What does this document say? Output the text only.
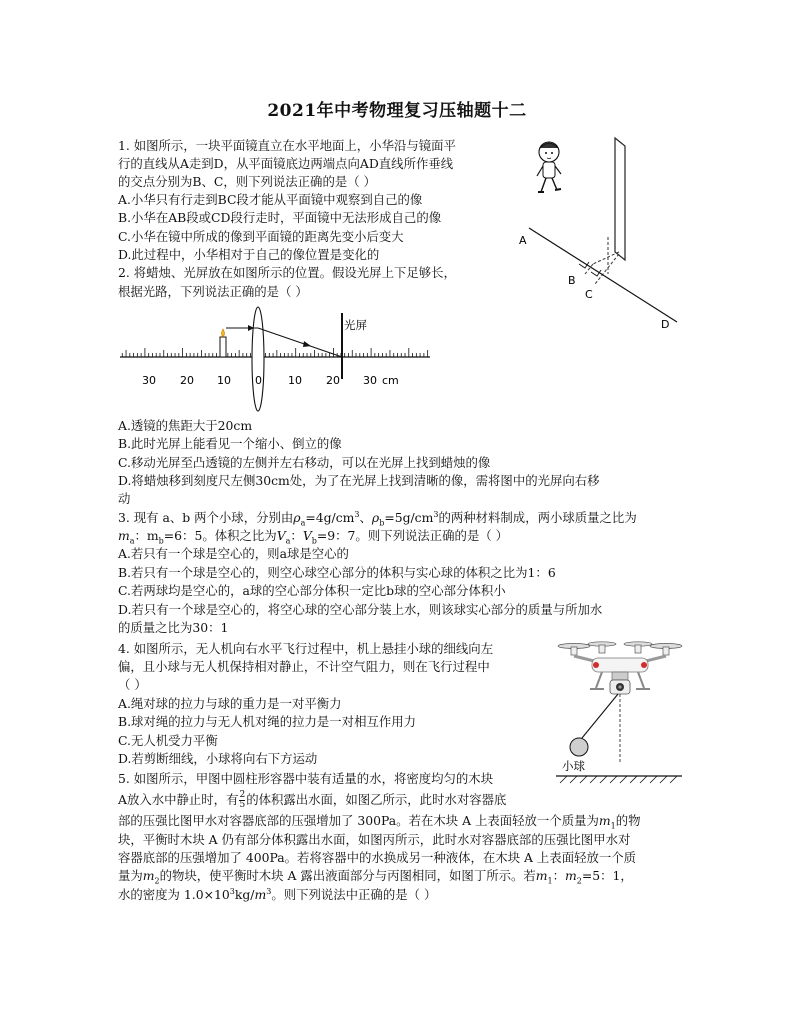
2021年中考物理复习压轴题十二
1. 如图所示，一块平面镜直立在水平地面上，小华沿与镜面平
行的直线从A走到D，从平面镜底边两端点向AD直线所作垂线
的交点分别为B、C，则下列说法正确的是（ ）
A.小华只有行走到BC段才能从平面镜中观察到自己的像
B.小华在AB段或CD段行走时，平面镜中无法形成自己的像
C.小华在镜中所成的像到平面镜的距离先变小后变大
D.此过程中，小华相对于自己的像位置是变化的
A
B
C
D
2. 将蜡烛、光屏放在如图所示的位置。假设光屏上下足够长，
根据光路，下列说法正确的是（ ）
光屏
30 20 10 0 10 20 30 cm
A.透镜的焦距大于20cm
B.此时光屏上能看见一个缩小、倒立的像
C.移动光屏至凸透镜的左侧并左右移动，可以在光屏上找到蜡烛的像
D.将蜡烛移到刻度尺左侧30cm处，为了在光屏上找到清晰的像，需将图中的光屏向右移
动
3. 现有 a、b 两个小球，分别由$\rho_a=4g/cm^3$、$\rho_b=5g/cm^3$的两种材料制成，两小球质量之比为
$m_a$：$m_b=6$：5。体积之比为$V_a$：$V_b=9$：7。则下列说法正确的是（ ）
A.若只有一个球是空心的，则a球是空心的
B.若只有一个球是空心的，则空心球空心部分的体积与实心球的体积之比为1：6
C.若两球均是空心的，a球的空心部分体积一定比b球的空心部分体积小
D.若只有一个球是空心的，将空心球的空心部分装上水，则该球实心部分的质量与所加水
的质量之比为30：1
4. 如图所示，无人机向右水平飞行过程中，机上悬挂小球的细线向左
偏，且小球与无人机保持相对静止，不计空气阻力，则在飞行过程中
（ ）
A.绳对球的拉力与球的重力是一对平衡力
B.球对绳的拉力与无人机对绳的拉力是一对相互作用力
C.无人机受力平衡
D.若剪断细线，小球将向右下方运动	小球
5. 如图所示，甲图中圆柱形容器中装有适量的水，将密度均匀的木块
A放入水中静止时，有 $\frac{2}{5}$ 的体积露出水面，如图乙所示，此时水对容器底
部的压强比图甲水对容器底部的压强增加了 300Pa。若在木块 A 上表面轻放一个质量为$m_1$的物
块，平衡时木块 A 仍有部分体积露出水面，如图丙所示，此时水对容器底部的压强比图甲水对
容器底部的压强增加了 400Pa。若将容器中的水换成另一种液体，在木块 A 上表面轻放一个质
量为$m_2$的物块，使平衡时木块 A 露出液面部分与丙图相同，如图丁所示。若$m_1$：$m_2=5$：1，
水的密度为 $1.0\times 10^3kg/m^3$。则下列说法中正确的是（ ）
